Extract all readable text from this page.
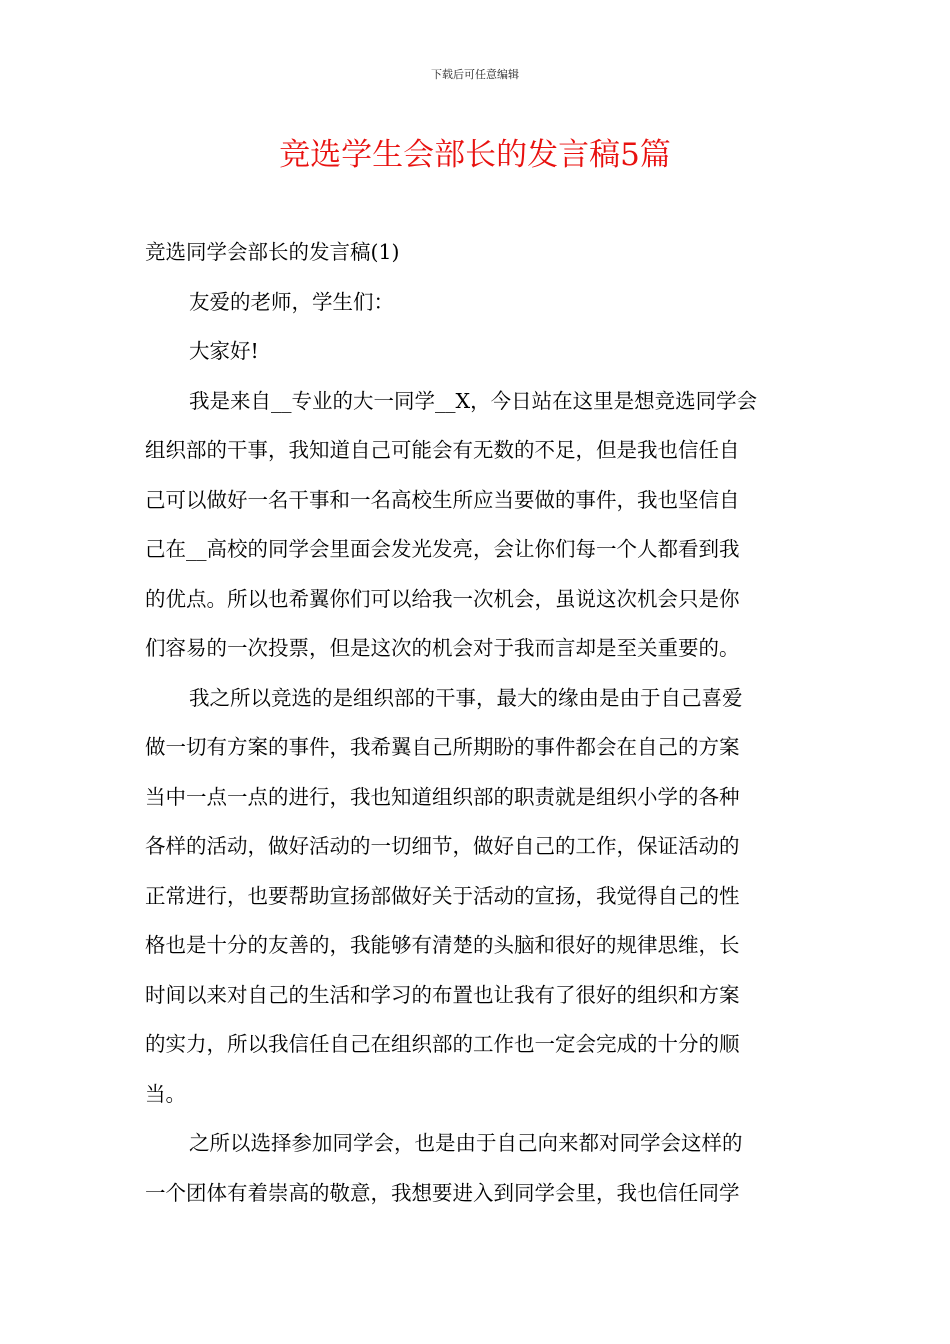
下载后可任意编辑
竞选学生会部长的发言稿5篇
竞选同学会部长的发言稿(1)
友爱的老师，学生们：
大家好!
我是来自__专业的大一同学__X，今日站在这里是想竞选同学会
组织部的干事，我知道自己可能会有无数的不足，但是我也信任自
己可以做好一名干事和一名高校生所应当要做的事件，我也坚信自
己在__高校的同学会里面会发光发亮，会让你们每一个人都看到我
的优点。所以也希翼你们可以给我一次机会，虽说这次机会只是你
们容易的一次投票，但是这次的机会对于我而言却是至关重要的。
我之所以竞选的是组织部的干事，最大的缘由是由于自己喜爱
做一切有方案的事件，我希翼自己所期盼的事件都会在自己的方案
当中一点一点的进行，我也知道组织部的职责就是组织小学的各种
各样的活动，做好活动的一切细节，做好自己的工作，保证活动的
正常进行，也要帮助宣扬部做好关于活动的宣扬，我觉得自己的性
格也是十分的友善的，我能够有清楚的头脑和很好的规律思维，长
时间以来对自己的生活和学习的布置也让我有了很好的组织和方案
的实力，所以我信任自己在组织部的工作也一定会完成的十分的顺
当。
之所以选择参加同学会，也是由于自己向来都对同学会这样的
一个团体有着崇高的敬意，我想要进入到同学会里，我也信任同学
